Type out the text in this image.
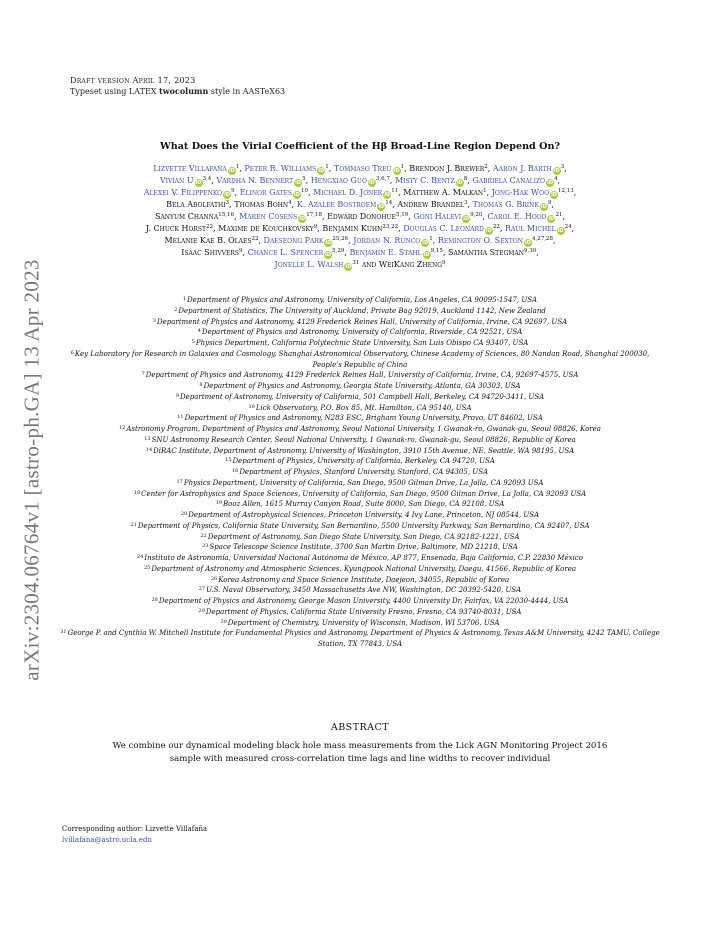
arXiv:2304.06764v1 [astro-ph.GA] 13 Apr 2023
Draft version April 17, 2023
Typeset using LATEX twocolumn style in AASTeX63
What Does the Virial Coefficient of the Hβ Broad-Line Region Depend On?
Lizvette Villafaña $iD^1$, Peter R. Williams $iD^1$, Tommaso Treu $iD^1$, Brendon J. Brewer$^2$, Aaron J. Barth $iD^3$,
Vivian U iD$^{3,4}$, Vardha N. Bennert $iD^5$, Hengxiao Guo iD$^{3,6,7}$, Misty C. Bentz $iD^8$, Gabriela Canalizo $iD^4$,
Alexei V. Filippenko $iD^9$, Elinor Gates $iD^{10}$, Michael D. Joner $iD^{11}$, Matthew A. Malkan$^1$, Jong-Hak Woo iD$^{12,13}$,
Bela Abolfathi$^3$, Thomas Bohn$^4$, K. Azalee Bostroem $iD^{14}$, Andrew Brandel$^3$, Thomas G. Brink $iD^9$,
Sanyum Channa$^{15,16}$, Maren Cosens iD$^{17,18}$, Edward Donohue$^{5,19}$, Goni Halevi iD$^{9,20}$, Carol E. Hood $iD^{21}$,
J. Chuck Horst$^{22}$, Maxime de Kouchkovsky$^9$, Benjamin Kuhn$^{23,22}$, Douglas C. Leonard $iD^{22}$, Raúl Michel $iD^{24}$,
Melanie Kae B. Olaes$^{22}$, Daeseong Park iD$^{25,26}$, Jordan N. Runco $iD^1$, Remington O. Sexton iD$^{4,27,28}$,
Isaac Shivvers$^9$, Chance L. Spencer iD$^{5,29}$, Benjamin E. Stahl iD$^{9,15}$, Samantha Stegman$^{9,30}$,
Jonelle L. Walsh $iD^{31}$ and WeiKang Zheng$^9$
$^1$Department of Physics and Astronomy, University of California, Los Angeles, CA 90095-1547, USA
$^2$Department of Statistics, The University of Auckland, Private Bag 92019, Auckland 1142, New Zealand
$^3$Department of Physics and Astronomy, 4129 Frederick Reines Hall, University of California, Irvine, CA 92697, USA
$^4$Department of Physics and Astronomy, University of California, Riverside, CA 92521, USA
$^5$Physics Department, California Polytechnic State University, San Luis Obispo CA 93407, USA
$^6$Key Laboratory for Research in Galaxies and Cosmology, Shanghai Astronomical Observatory, Chinese Academy of Sciences, 80 Nandan Road, Shanghai 200030, People's Republic of China
$^7$Department of Physics and Astronomy, 4129 Frederick Reines Hall, University of California, Irvine, CA, 92697-4575, USA
$^8$Department of Physics and Astronomy, Georgia State University, Atlanta, GA 30303, USA
$^9$Department of Astronomy, University of California, 501 Campbell Hall, Berkeley, CA 94720-3411, USA
$^{10}$Lick Observatory, P.O. Box 85, Mt. Hamilton, CA 95140, USA
$^{11}$Department of Physics and Astronomy, N283 ESC, Brigham Young University, Provo, UT 84602, USA
$^{12}$Astronomy Program, Department of Physics and Astronomy, Seoul National University, 1 Gwanak-ro, Gwanak-gu, Seoul 08826, Korea
$^{13}$SNU Astronomy Research Center, Seoul National University, 1 Gwanak-ro, Gwanak-gu, Seoul 08826, Republic of Korea
$^{14}$DiRAC Institute, Department of Astronomy, University of Washington, 3910 15th Avenue, NE, Seattle, WA 98195, USA
$^{15}$Department of Physics, University of California, Berkeley, CA 94720, USA
$^{16}$Department of Physics, Stanford University, Stanford, CA 94305, USA
$^{17}$Physics Department, University of California, San Diego, 9500 Gilman Drive, La Jolla, CA 92093 USA
$^{18}$Center for Astrophysics and Space Sciences, University of California, San Diego, 9500 Gilman Drive, La Jolla, CA 92093 USA
$^{19}$Booz Allen, 1615 Murray Canyon Road, Suite 8000, San Diego, CA 92108, USA
$^{20}$Department of Astrophysical Sciences, Princeton University, 4 Ivy Lane, Princeton, NJ 08544, USA
$^{21}$Department of Physics, California State University, San Bernardino, 5500 University Parkway, San Bernardino, CA 92407, USA
$^{22}$Department of Astronomy, San Diego State University, San Diego, CA 92182-1221, USA
$^{23}$Space Telescope Science Institute, 3700 San Martin Drive, Baltimore, MD 21218, USA
$^{24}$Instituto de Astronomía, Universidad Nacional Autónoma de México, AP 877, Ensenada, Baja California, C.P. 22830 México
$^{25}$Department of Astronomy and Atmospheric Sciences, Kyungpook National University, Daegu, 41566, Republic of Korea
$^{26}$Korea Astronomy and Space Science Institute, Daejeon, 34055, Republic of Korea
$^{27}$U.S. Naval Observatory, 3450 Massachusetts Ave NW, Washington, DC 20392-5420, USA
$^{28}$Department of Physics and Astronomy, George Mason University, 4400 University Dr, Fairfax, VA 22030-4444, USA
$^{29}$Department of Physics, California State University Fresno, Fresno, CA 93740-8031, USA
$^{30}$Department of Chemistry, University of Wisconsin, Madison, WI 53706, USA
$^{31}$George P. and Cynthia W. Mitchell Institute for Fundamental Physics and Astronomy, Department of Physics & Astronomy, Texas A&M University, 4242 TAMU, College Station, TX 77843, USA
ABSTRACT
We combine our dynamical modeling black hole mass measurements from the Lick AGN Monitoring Project 2016 sample with measured cross-correlation time lags and line widths to recover individual
Corresponding author: Lizvette Villafaña
lvillafana@astro.ucla.edu
